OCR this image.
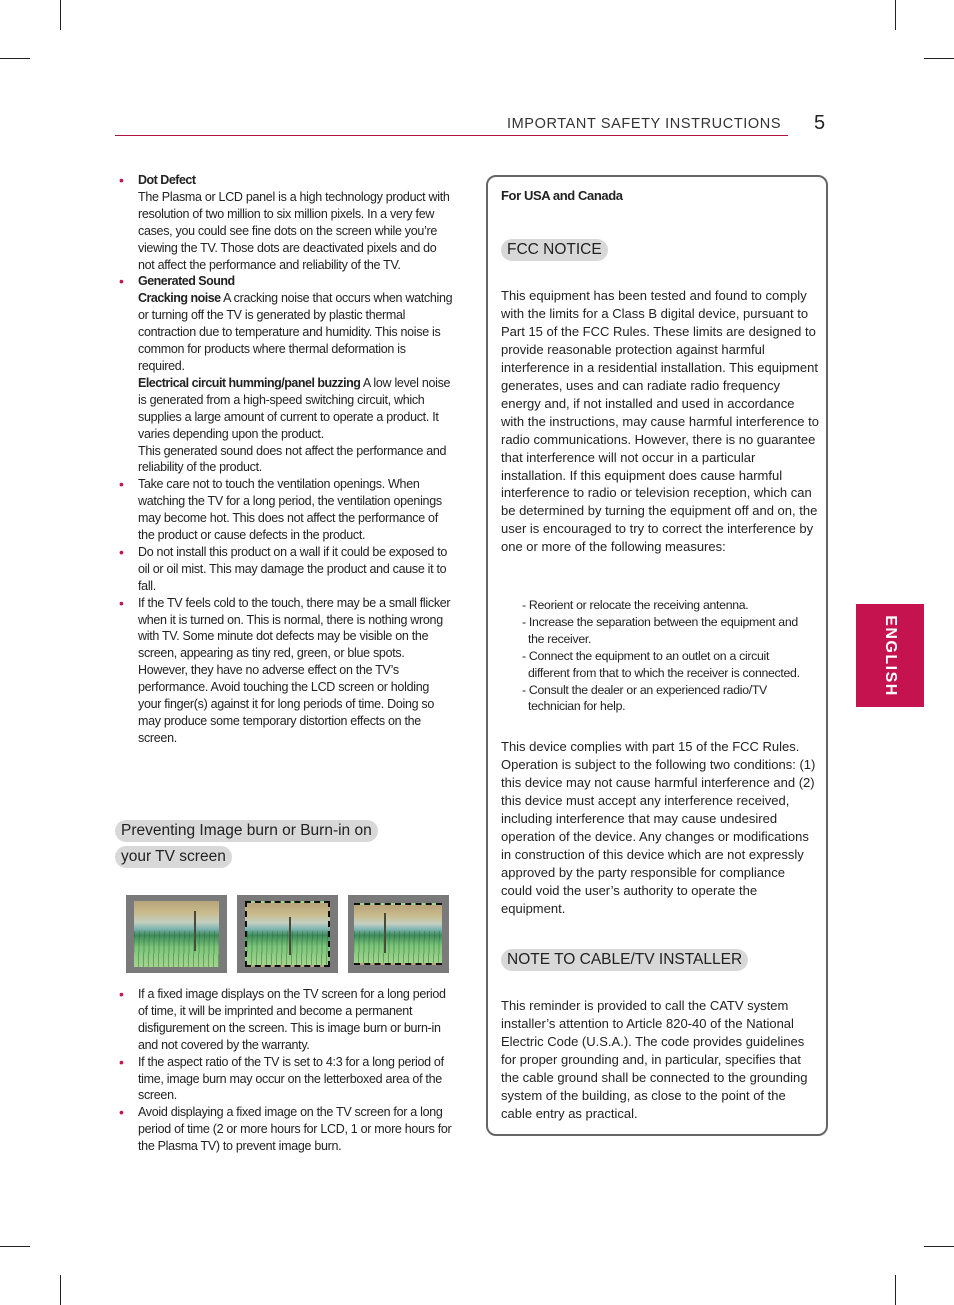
IMPORTANT SAFETY INSTRUCTIONS 5
ENGLISH
• Dot Defect
The Plasma or LCD panel is a high technology product with resolution of two million to six million pixels. In a very few cases, you could see fine dots on the screen while you’re viewing the TV. Those dots are deactivated pixels and do not affect the performance and reliability of the TV.
• Generated Sound
Cracking noise A cracking noise that occurs when watching or turning off the TV is generated by plastic thermal contraction due to temperature and humidity. This noise is common for products where thermal deformation is required.
Electrical circuit humming/panel buzzing A low level noise is generated from a high-speed switching circuit, which supplies a large amount of current to operate a product. It varies depending upon the product.
This generated sound does not affect the performance and reliability of the product.
• Take care not to touch the ventilation openings. When watching the TV for a long period, the ventilation openings may become hot. This does not affect the performance of the product or cause defects in the product.
• Do not install this product on a wall if it could be exposed to oil or oil mist. This may damage the product and cause it to fall.
• If the TV feels cold to the touch, there may be a small flicker when it is turned on. This is normal, there is nothing wrong with TV. Some minute dot defects may be visible on the screen, appearing as tiny red, green, or blue spots. However, they have no adverse effect on the TV’s performance. Avoid touching the LCD screen or holding your finger(s) against it for long periods of time. Doing so may produce some temporary distortion effects on the screen.
Preventing Image burn or Burn-in on
your TV screen
• If a fixed image displays on the TV screen for a long period of time, it will be imprinted and become a permanent disfigurement on the screen. This is image burn or burn-in and not covered by the warranty.
• If the aspect ratio of the TV is set to 4:3 for a long period of time, image burn may occur on the letterboxed area of the screen.
• Avoid displaying a fixed image on the TV screen for a long period of time (2 or more hours for LCD, 1 or more hours for the Plasma TV) to prevent image burn.
For USA and Canada
FCC NOTICE
This equipment has been tested and found to comply with the limits for a Class B digital device, pursuant to Part 15 of the FCC Rules. These limits are designed to provide reasonable protection against harmful interference in a residential installation. This equipment generates, uses and can radiate radio frequency energy and, if not installed and used in accordance with the instructions, may cause harmful interference to radio communications. However, there is no guarantee that interference will not occur in a particular installation. If this equipment does cause harmful interference to radio or television reception, which can be determined by turning the equipment off and on, the user is encouraged to try to correct the interference by one or more of the following measures:
- Reorient or relocate the receiving antenna.
- Increase the separation between the equipment and the receiver.
- Connect the equipment to an outlet on a circuit different from that to which the receiver is connected.
- Consult the dealer or an experienced radio/TV technician for help.
This device complies with part 15 of the FCC Rules. Operation is subject to the following two conditions: (1) this device may not cause harmful interference and (2) this device must accept any interference received, including interference that may cause undesired operation of the device. Any changes or modifications in construction of this device which are not expressly approved by the party responsible for compliance could void the user’s authority to operate the equipment.
NOTE TO CABLE/TV INSTALLER
This reminder is provided to call the CATV system installer’s attention to Article 820-40 of the National Electric Code (U.S.A.). The code provides guidelines for proper grounding and, in particular, specifies that the cable ground shall be connected to the grounding system of the building, as close to the point of the cable entry as practical.
